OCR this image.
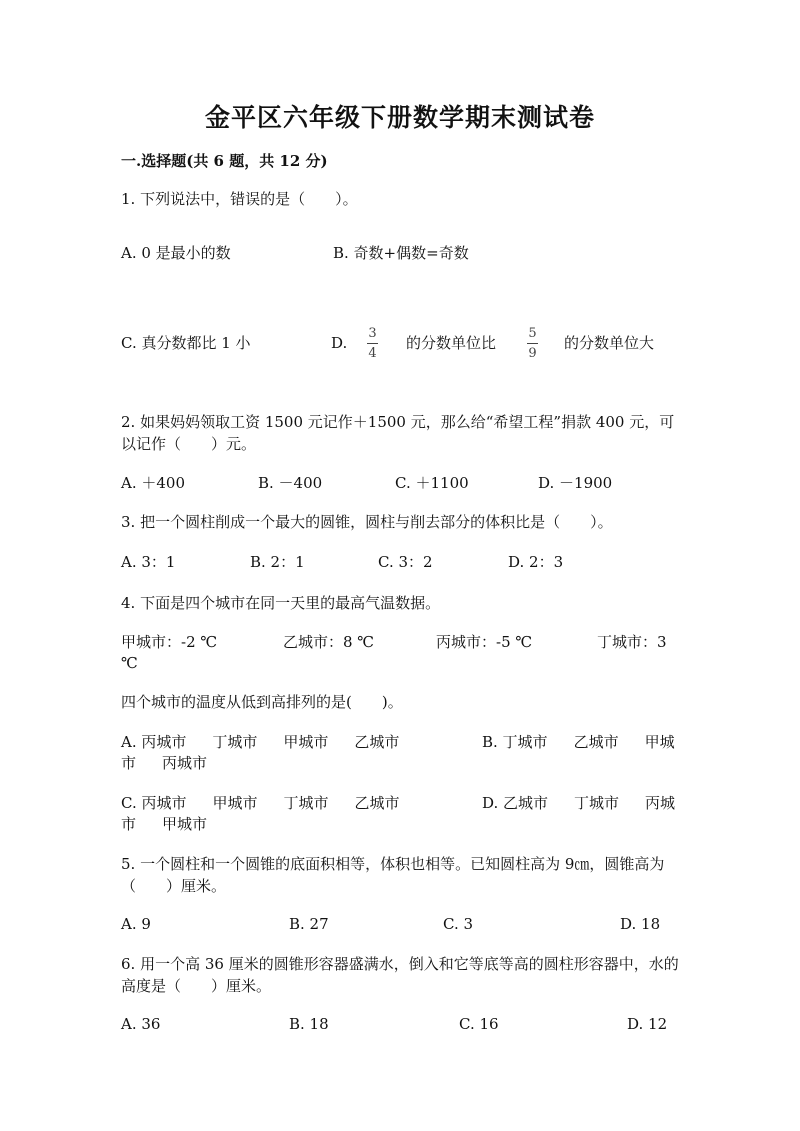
金平区六年级下册数学期末测试卷
一.选择题(共 6 题，共 12 分)
1. 下列说法中，错误的是（　　）。
A. 0 是最小的数	B. 奇数+偶数=奇数
C. 真分数都比 1 小	D.
3
4
的分数单位比
5
9
的分数单位大
2. 如果妈妈领取工资 1500 元记作＋1500 元，那么给“希望工程”捐款 400 元，可以记作（　　）元。
A. ＋400	B. －400	C. ＋1100	D. －1900
3. 把一个圆柱削成一个最大的圆锥，圆柱与削去部分的体积比是（　　）。
A. 3：1	B. 2：1	C. 3：2	D. 2：3
4. 下面是四个城市在同一天里的最高气温数据。
甲城市：-2 ℃	乙城市：8 ℃	丙城市：-5 ℃	丁城市：3
℃
四个城市的温度从低到高排列的是(　　)。
A. 丙城市 丁城市 甲城市 乙城市	B. 丁城市 乙城市 甲城
市 丙城市
C. 丙城市 甲城市 丁城市 乙城市	D. 乙城市 丁城市 丙城
市 甲城市
5. 一个圆柱和一个圆锥的底面积相等，体积也相等。已知圆柱高为 9㎝，圆锥高为（　　）厘米。
A. 9	B. 27	C. 3	D. 18
6. 用一个高 36 厘米的圆锥形容器盛满水，倒入和它等底等高的圆柱形容器中，水的高度是（　　）厘米。
A. 36	B. 18	C. 16	D. 12
